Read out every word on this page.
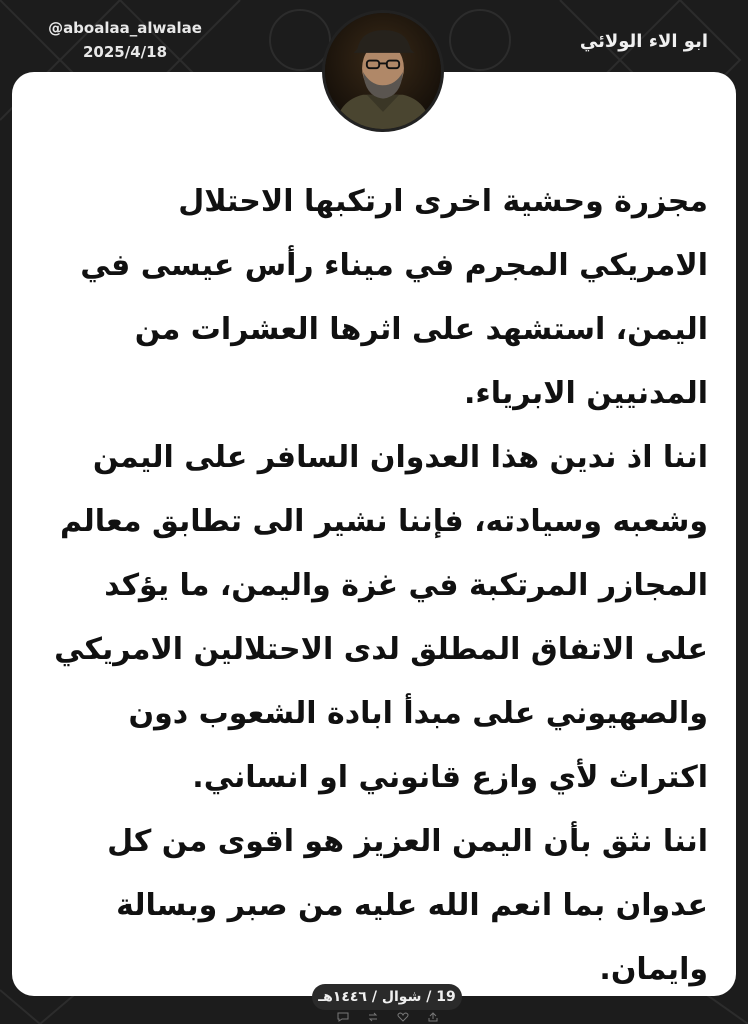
@aboalaa_alwalae
2025/4/18	ابو الاء الولائي

مجزرة وحشية اخرى ارتكبها الاحتلال الامريكي المجرم في ميناء رأس عيسى في اليمن، استشهد على اثرها العشرات من المدنيين الابرياء.

اننا اذ ندين هذا العدوان السافر على اليمن وشعبه وسيادته، فإننا نشير الى تطابق معالم المجازر المرتكبة في غزة واليمن، ما يؤكد على الاتفاق المطلق لدى الاحتلالين الامريكي والصهيوني على مبدأ ابادة الشعوب دون اكتراث لأي وازع قانوني او انساني.

اننا نثق بأن اليمن العزيز هو اقوى من كل عدوان بما انعم الله عليه من صبر وبسالة وايمان.

19 / شوال / ١٤٤٦هـ
